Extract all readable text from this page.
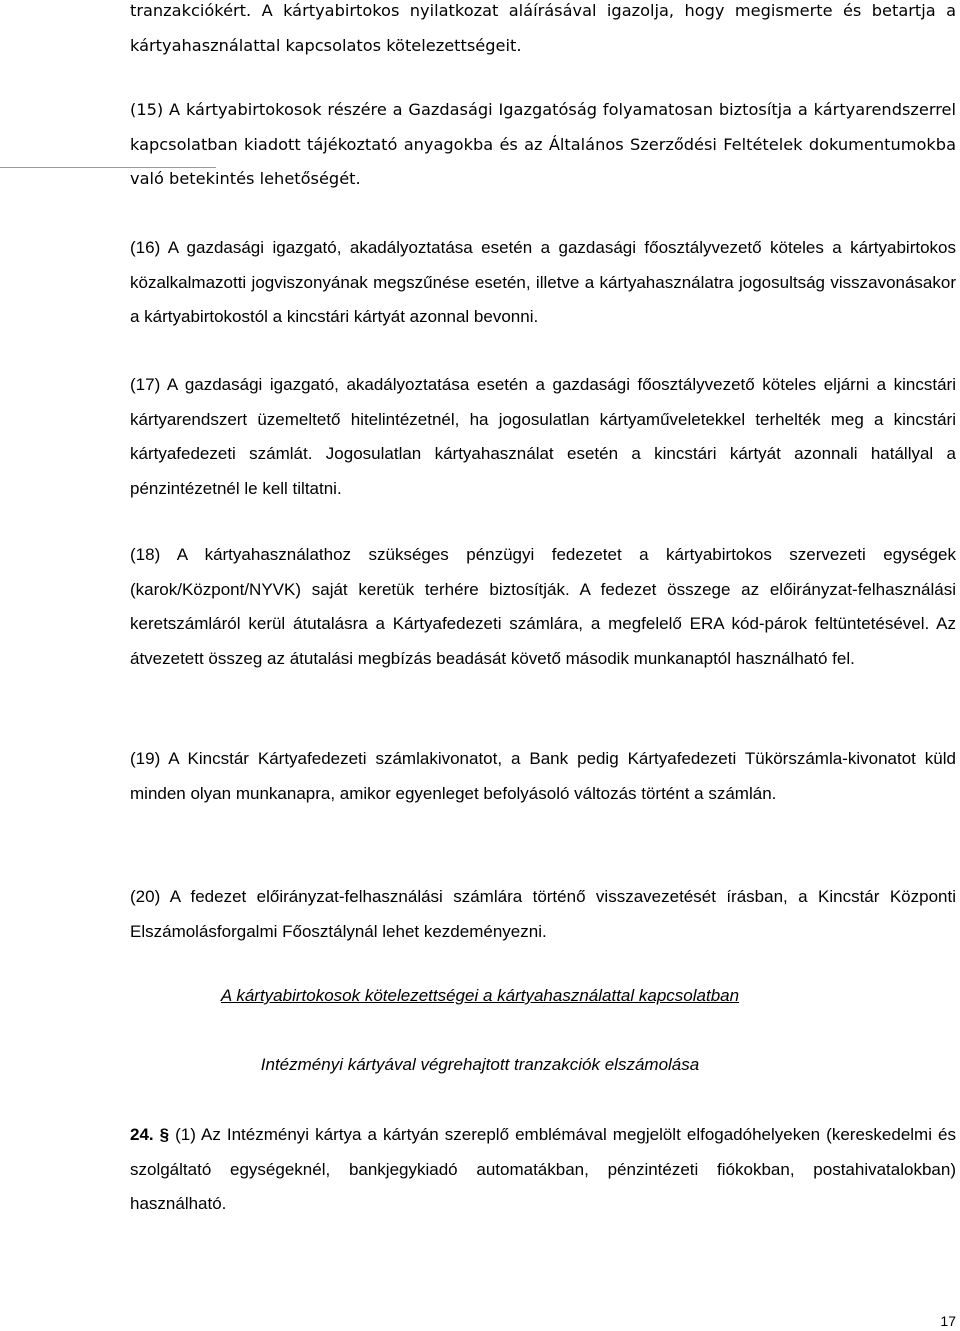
tranzakciókért. A kártyabirtokos nyilatkozat aláírásával igazolja, hogy megismerte és betartja a kártyahasználattal kapcsolatos kötelezettségeit.

(15) A kártyabirtokosok részére a Gazdasági Igazgatóság folyamatosan biztosítja a kártyarendszerrel kapcsolatban kiadott tájékoztató anyagokba és az Általános Szerződési Feltételek dokumentumokba való betekintés lehetőségét.

(16) A gazdasági igazgató, akadályoztatása esetén a gazdasági főosztályvezető köteles a kártyabirtokos közalkalmazotti jogviszonyának megszűnése esetén, illetve a kártyahasználatra jogosultság visszavonásakor a kártyabirtokostól a kincstári kártyát azonnal bevonni.

(17) A gazdasági igazgató, akadályoztatása esetén a gazdasági főosztályvezető köteles eljárni a kincstári kártyarendszert üzemeltető hitelintézetnél, ha jogosulatlan kártyaműveletekkel terhelték meg a kincstári kártyafedezeti számlát. Jogosulatlan kártyahasználat esetén a kincstári kártyát azonnali hatállyal a pénzintézetnél le kell tiltatni.

(18) A kártyahasználathoz szükséges pénzügyi fedezetet a kártyabirtokos szervezeti egységek (karok/Központ/NYVK) saját keretük terhére biztosítják. A fedezet összege az előirányzat-felhasználási keretszámláról kerül átutalásra a Kártyafedezeti számlára, a megfelelő ERA kód-párok feltüntetésével. Az átvezetett összeg az átutalási megbízás beadását követő második munkanaptól használható fel.

(19) A Kincstár Kártyafedezeti számlakivonatot, a Bank pedig Kártyafedezeti Tükörszámla-kivonatot küld minden olyan munkanapra, amikor egyenleget befolyásoló változás történt a számlán.

(20) A fedezet előirányzat-felhasználási számlára történő visszavezetését írásban, a Kincstár Központi Elszámolásforgalmi Főosztálynál lehet kezdeményezni.

A kártyabirtokosok kötelezettségei a kártyahasználattal kapcsolatban

Intézményi kártyával végrehajtott tranzakciók elszámolása

24. § (1) Az Intézményi kártya a kártyán szereplő emblémával megjelölt elfogadóhelyeken (kereskedelmi és szolgáltató egységeknél, bankjegykiadó automatákban, pénzintézeti fiókokban, postahivatalokban) használható.

17
